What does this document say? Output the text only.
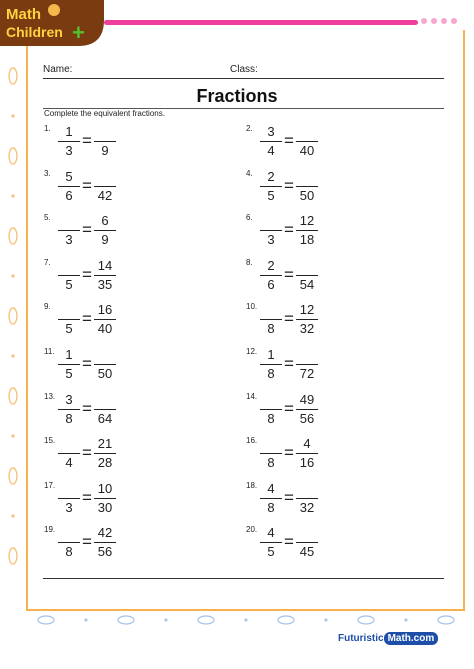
Math
Children +
Name:	Class:
Fractions
Complete the equivalent fractions.
1.	1
3
=
9
2.	3
4
=
40
3.	5
6
=
42
4.	2
5
=
50
5.
3
= 6
9
6.
3
= 12
18
7.
5
= 14
35
8.	2
6
=
54
9.
5
= 16
40
10.
8
= 12
32
11. 1
5
=
50
12. 1
8
=
72
13. 3
8
=
64
14.
8
= 49
56
15.
4
= 21
28
16.
8
= 4
16
17.
3
= 10
30
18. 4
8
=
32
19.
8
= 42
56
20. 4
5
=
45
Futuristic Math.com
